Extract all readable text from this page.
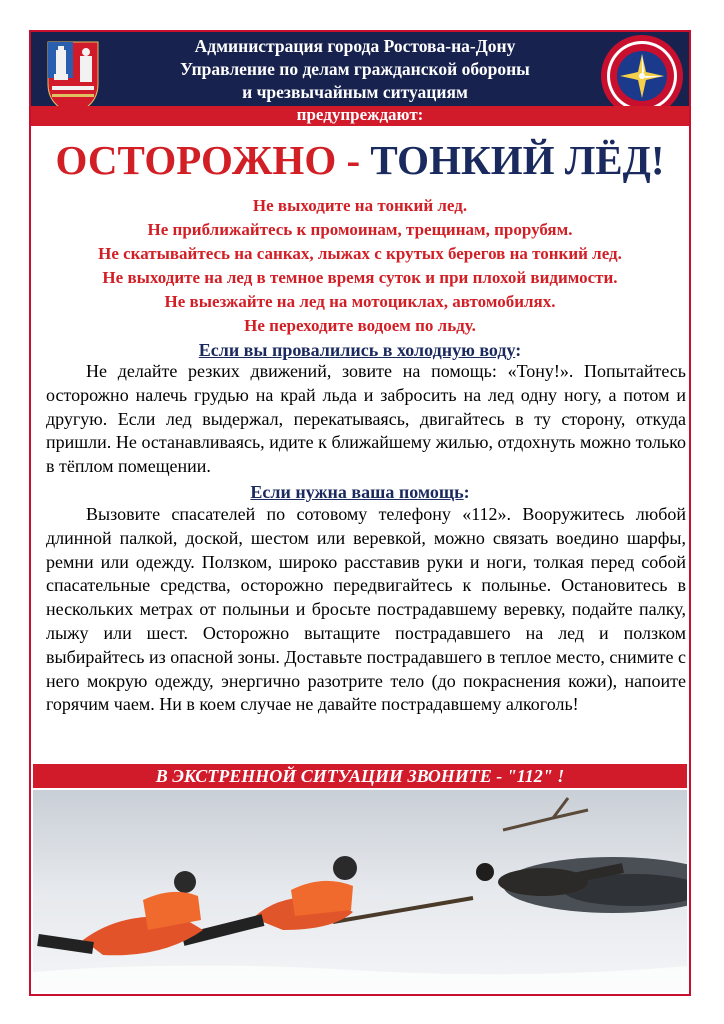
Администрация города Ростова-на-Дону
Управление по делам гражданской обороны
и чрезвычайным ситуациям
предупреждают:
ОСТОРОЖНО - ТОНКИЙ ЛЁД!
Не выходите на тонкий лед.
Не приближайтесь к промоинам, трещинам, прорубям.
Не скатывайтесь на санках, лыжах с крутых берегов на тонкий лед.
Не выходите на лед в темное время суток и при плохой видимости.
Не выезжайте на лед на мотоциклах, автомобилях.
Не переходите водоем по льду.
Если вы провалились в холодную воду:
Не делайте резких движений, зовите на помощь: «Тону!». Попытайтесь осторожно налечь грудью на край льда и забросить на лед одну ногу, а потом и другую. Если лед выдержал, перекатываясь, двигайтесь в ту сторону, откуда пришли. Не останавливаясь, идите к ближайшему жилью, отдохнуть можно только в тёплом помещении.
Если нужна ваша помощь:
Вызовите спасателей по сотовому телефону «112». Вооружитесь любой длинной палкой, доской, шестом или веревкой, можно связать воедино шарфы, ремни или одежду. Ползком, широко расставив руки и ноги, толкая перед собой спасательные средства, осторожно передвигайтесь к полынье. Остановитесь в нескольких метрах от полыньи и бросьте пострадавшему веревку, подайте палку, лыжу или шест. Осторожно вытащите пострадавшего на лед и ползком выбирайтесь из опасной зоны. Доставьте пострадавшего в теплое место, снимите с него мокрую одежду, энергично разотрите тело (до покраснения кожи), напоите горячим чаем. Ни в коем случае не давайте пострадавшему алкоголь!
В ЭКСТРЕННОЙ СИТУАЦИИ ЗВОНИТЕ - "112" !
